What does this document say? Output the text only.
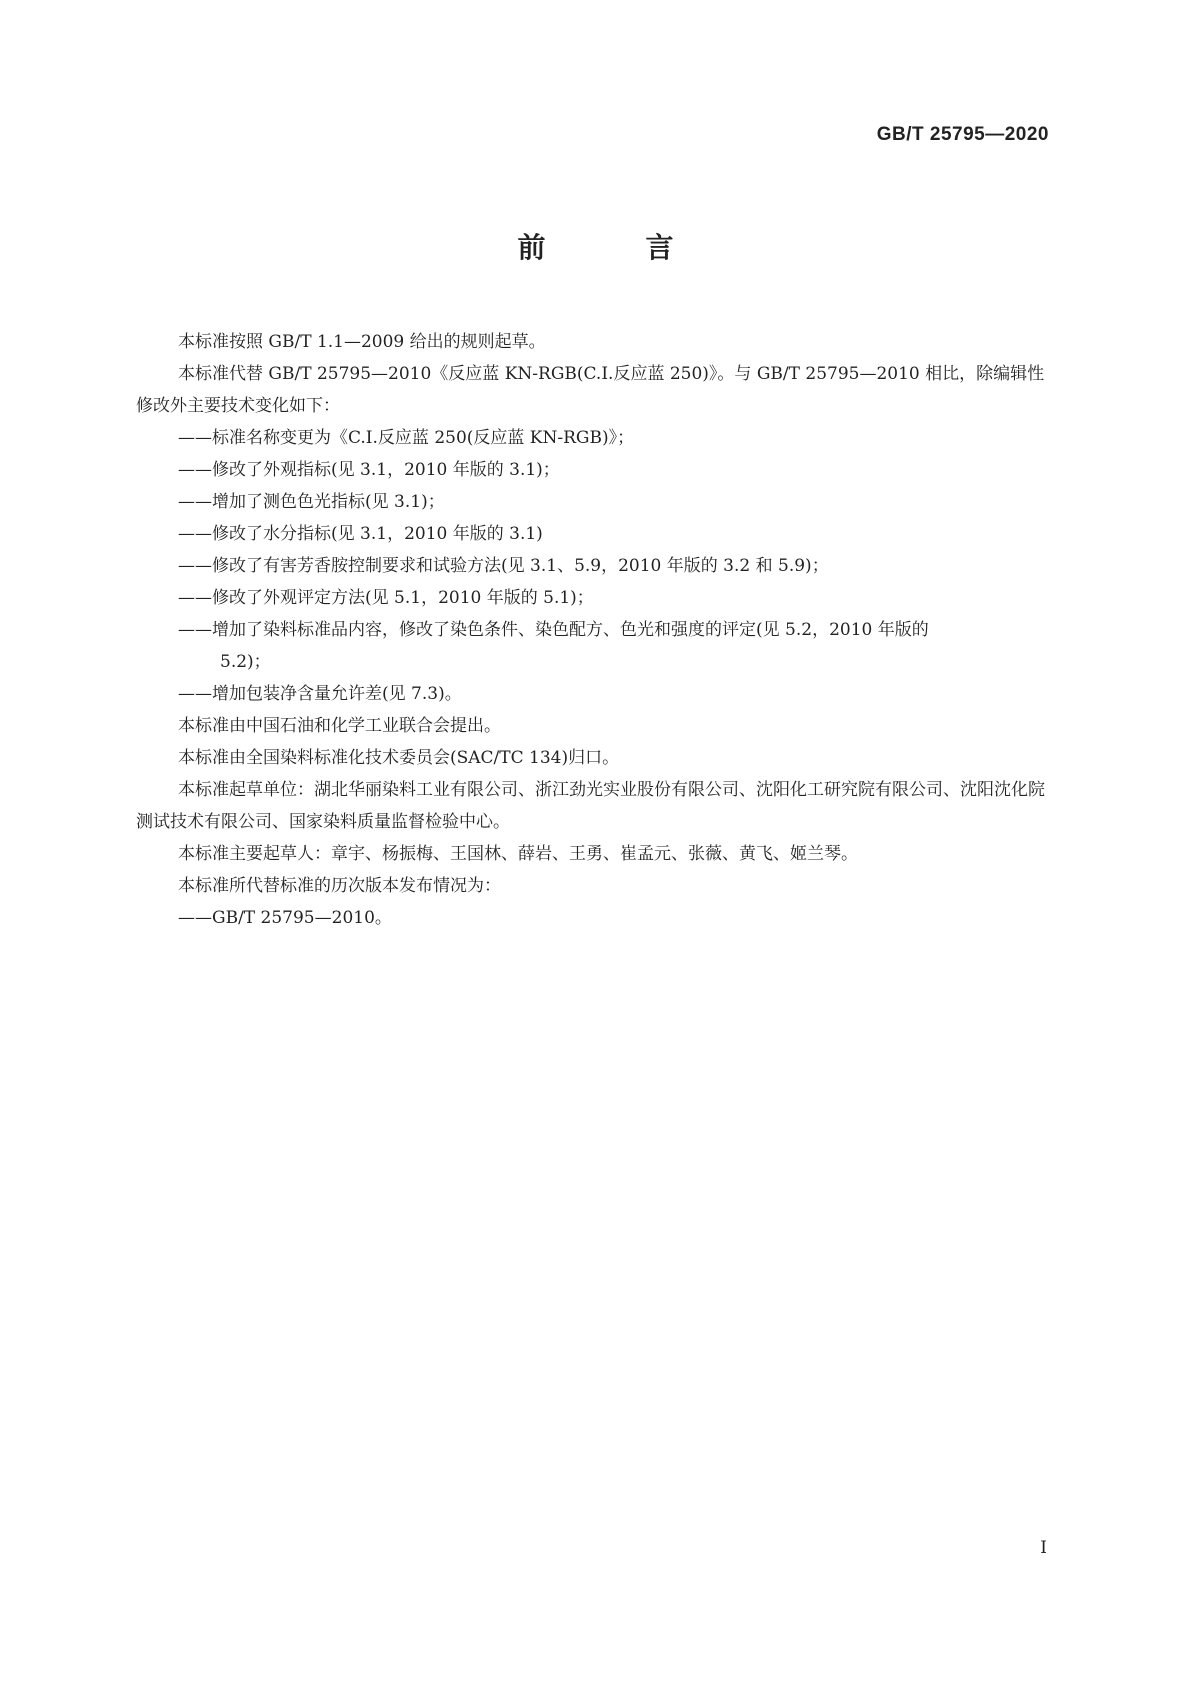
GB/T 25795—2020
前　言

本标准按照 GB/T 1.1—2009 给出的规则起草。

本标准代替 GB/T 25795—2010《反应蓝 KN-RGB(C.I.反应蓝 250)》。与 GB/T 25795—2010 相比，除编辑性修改外主要技术变化如下：

——标准名称变更为《C.I.反应蓝 250(反应蓝 KN-RGB)》；

——修改了外观指标(见 3.1，2010 年版的 3.1)；

——增加了测色色光指标(见 3.1)；

——修改了水分指标(见 3.1，2010 年版的 3.1)

——修改了有害芳香胺控制要求和试验方法(见 3.1、5.9，2010 年版的 3.2 和 5.9)；

——修改了外观评定方法(见 5.1，2010 年版的 5.1)；

——增加了染料标准品内容，修改了染色条件、染色配方、色光和强度的评定(见 5.2，2010 年版的

5.2)；

——增加包装净含量允许差(见 7.3)。

本标准由中国石油和化学工业联合会提出。

本标准由全国染料标准化技术委员会(SAC/TC 134)归口。

本标准起草单位：湖北华丽染料工业有限公司、浙江劲光实业股份有限公司、沈阳化工研究院有限公司、沈阳沈化院测试技术有限公司、国家染料质量监督检验中心。

本标准主要起草人：章宇、杨振梅、王国林、薛岩、王勇、崔孟元、张薇、黄飞、姬兰琴。

本标准所代替标准的历次版本发布情况为：

——GB/T 25795—2010。

I
